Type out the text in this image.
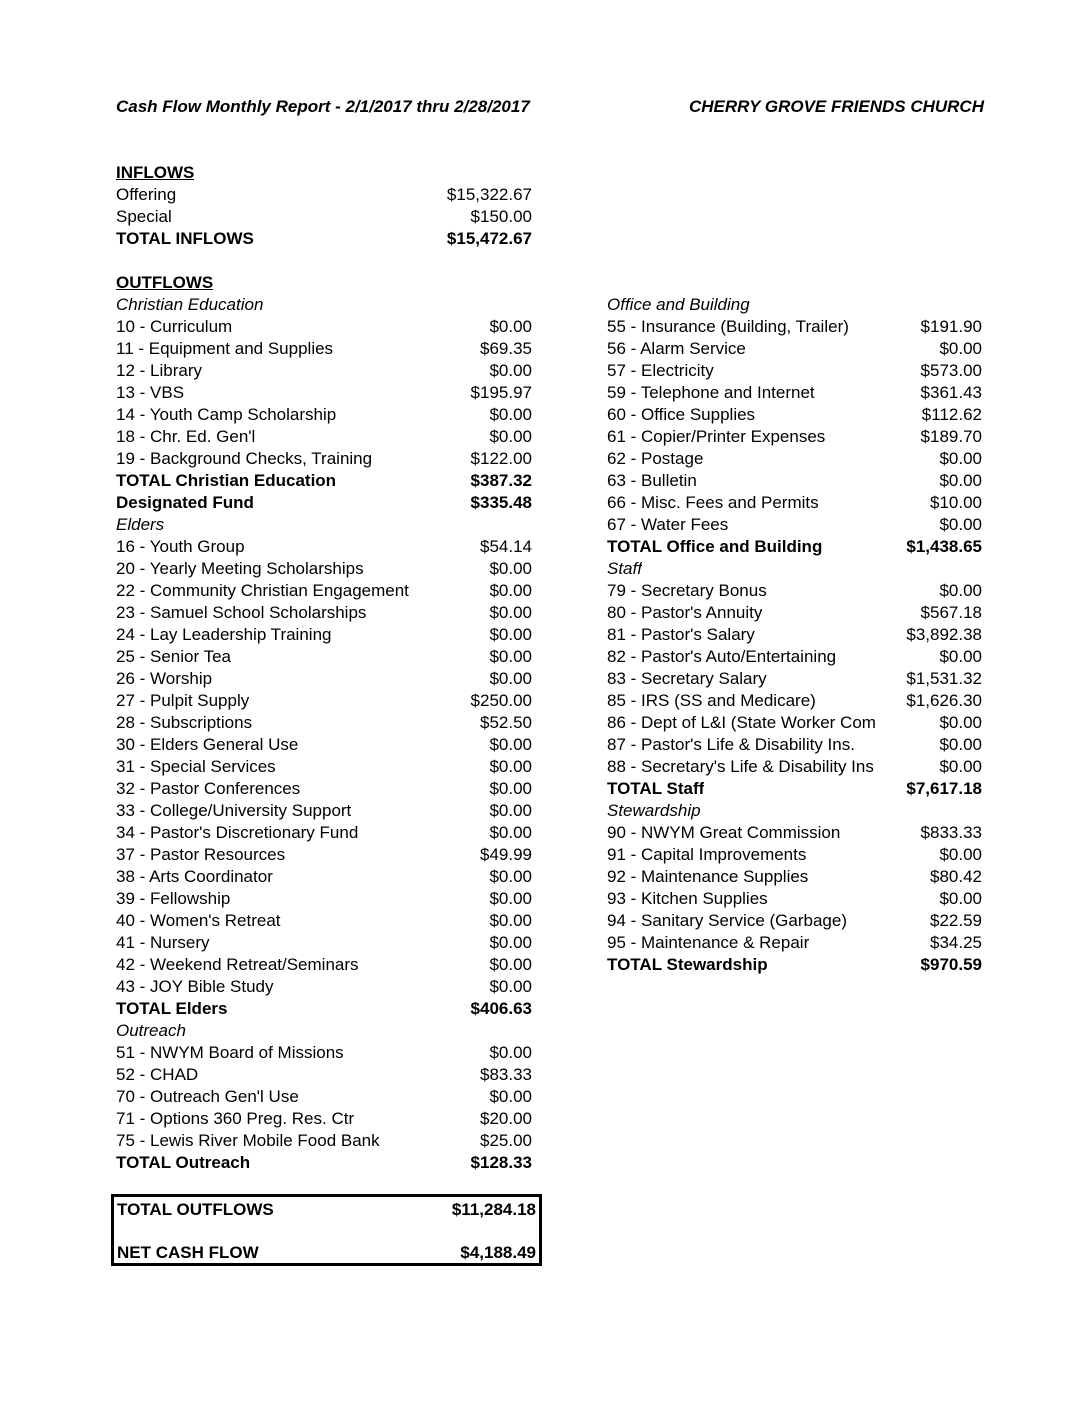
Cash Flow Monthly Report - 2/1/2017 thru 2/28/2017	CHERRY GROVE FRIENDS CHURCH
INFLOWS
Offering	$15,322.67
Special	$150.00
TOTAL INFLOWS	$15,472.67
OUTFLOWS
Christian Education
10 - Curriculum	$0.00
11 - Equipment and Supplies	$69.35
12 - Library	$0.00
13 - VBS	$195.97
14 - Youth Camp Scholarship	$0.00
18 - Chr. Ed. Gen'l	$0.00
19 - Background Checks, Training	$122.00
TOTAL Christian Education	$387.32
Designated Fund	$335.48
Elders
16 - Youth Group	$54.14
20 - Yearly Meeting Scholarships	$0.00
22 - Community Christian Engagement	$0.00
23 - Samuel School Scholarships	$0.00
24 - Lay Leadership Training	$0.00
25 - Senior Tea	$0.00
26 - Worship	$0.00
27 - Pulpit Supply	$250.00
28 - Subscriptions	$52.50
30 - Elders General Use	$0.00
31 - Special Services	$0.00
32 - Pastor Conferences	$0.00
33 - College/University Support	$0.00
34 - Pastor's Discretionary Fund	$0.00
37 - Pastor Resources	$49.99
38 - Arts Coordinator	$0.00
39 - Fellowship	$0.00
40 - Women's Retreat	$0.00
41 - Nursery	$0.00
42 - Weekend Retreat/Seminars	$0.00
43 - JOY Bible Study	$0.00
TOTAL Elders	$406.63
Outreach
51 - NWYM Board of Missions	$0.00
52 - CHAD	$83.33
70 - Outreach Gen'l Use	$0.00
71 - Options 360 Preg. Res. Ctr	$20.00
75 - Lewis River Mobile Food Bank	$25.00
TOTAL Outreach	$128.33
Office and Building
55 - Insurance (Building, Trailer)	$191.90
56 - Alarm Service	$0.00
57 - Electricity	$573.00
59 - Telephone and Internet	$361.43
60 - Office Supplies	$112.62
61 - Copier/Printer Expenses	$189.70
62 - Postage	$0.00
63 - Bulletin	$0.00
66 - Misc. Fees and Permits	$10.00
67 - Water Fees	$0.00
TOTAL Office and Building	$1,438.65
Staff
79 - Secretary Bonus	$0.00
80 - Pastor's Annuity	$567.18
81 - Pastor's Salary	$3,892.38
82 - Pastor's Auto/Entertaining	$0.00
83 - Secretary Salary	$1,531.32
85 - IRS (SS and Medicare)	$1,626.30
86 - Dept of L&I (State Worker Com	$0.00
87 - Pastor's Life & Disability Ins.	$0.00
88 - Secretary's Life & Disability Ins	$0.00
TOTAL Staff	$7,617.18
Stewardship
90 - NWYM Great Commission	$833.33
91 - Capital Improvements	$0.00
92 - Maintenance Supplies	$80.42
93 - Kitchen Supplies	$0.00
94 - Sanitary Service (Garbage)	$22.59
95 - Maintenance & Repair	$34.25
TOTAL Stewardship	$970.59
TOTAL OUTFLOWS	$11,284.18
NET CASH FLOW	$4,188.49
